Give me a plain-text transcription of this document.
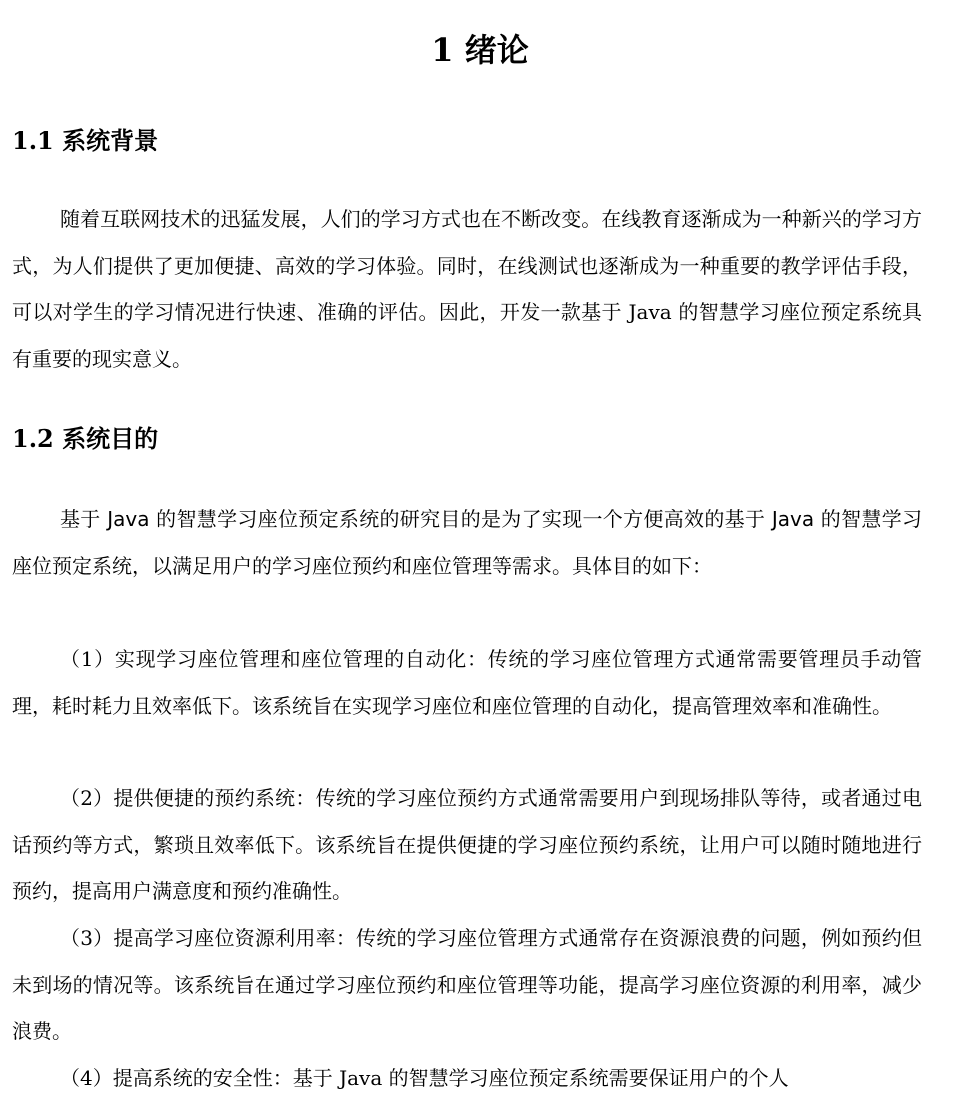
1 绪论
1.1 系统背景

随着互联网技术的迅猛发展，人们的学习方式也在不断改变。在线教育逐渐成为一种新兴的学习方式，为人们提供了更加便捷、高效的学习体验。同时，在线测试也逐渐成为一种重要的教学评估手段，可以对学生的学习情况进行快速、准确的评估。因此，开发一款基于 Java 的智慧学习座位预定系统具有重要的现实意义。

1.2 系统目的

基于 Java 的智慧学习座位预定系统的研究目的是为了实现一个方便高效的基于 Java 的智慧学习座位预定系统，以满足用户的学习座位预约和座位管理等需求。具体目的如下：

（1）实现学习座位管理和座位管理的自动化：传统的学习座位管理方式通常需要管理员手动管理，耗时耗力且效率低下。该系统旨在实现学习座位和座位管理的自动化，提高管理效率和准确性。

（2）提供便捷的预约系统：传统的学习座位预约方式通常需要用户到现场排队等待，或者通过电话预约等方式，繁琐且效率低下。该系统旨在提供便捷的学习座位预约系统，让用户可以随时随地进行预约，提高用户满意度和预约准确性。

（3）提高学习座位资源利用率：传统的学习座位管理方式通常存在资源浪费的问题，例如预约但未到场的情况等。该系统旨在通过学习座位预约和座位管理等功能，提高学习座位资源的利用率，减少浪费。

（4）提高系统的安全性：基于 Java 的智慧学习座位预定系统需要保证用户的个人
